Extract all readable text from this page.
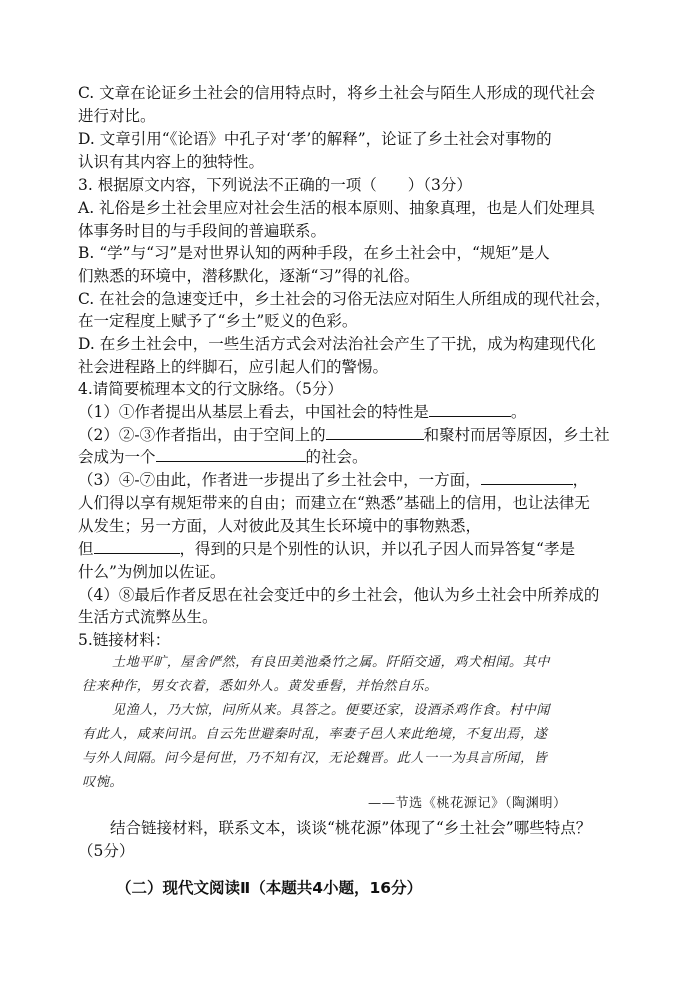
C. 文章在论证乡土社会的信用特点时，将乡土社会与陌生人形成的现代社会
进行对比。
D. 文章引用“《论语》中孔子对‘孝’的解释”，论证了乡土社会对事物的
认识有其内容上的独特性。
3. 根据原文内容，下列说法不正确的一项（　　）（3分）
A. 礼俗是乡土社会里应对社会生活的根本原则、抽象真理，也是人们处理具
体事务时目的与手段间的普遍联系。
B. “学”与“习”是对世界认知的两种手段，在乡土社会中，“规矩”是人
们熟悉的环境中，潜移默化，逐渐“习”得的礼俗。
C. 在社会的急速变迁中，乡土社会的习俗无法应对陌生人所组成的现代社会，
在一定程度上赋予了“乡土”贬义的色彩。
D. 在乡土社会中，一些生活方式会对法治社会产生了干扰，成为构建现代化
社会进程路上的绊脚石，应引起人们的警惕。
4.请简要梳理本文的行文脉络。（5分）
（1）①作者提出从基层上看去，中国社会的特性是	。
（2）②-③作者指出，由于空间上的	和聚村而居等原因，乡土社
会成为一个	的社会。
（3）④-⑦由此，作者进一步提出了乡土社会中，一方面，	，
人们得以享有规矩带来的自由；而建立在“熟悉”基础上的信用，也让法律无
从发生；另一方面，人对彼此及其生长环境中的事物熟悉，
但	，得到的只是个别性的认识，并以孔子因人而异答复“孝是
什么”为例加以佐证。
（4）⑧最后作者反思在社会变迁中的乡土社会，他认为乡土社会中所养成的
生活方式流弊丛生。
5.链接材料：
土地平旷，屋舍俨然，有良田美池桑竹之属。阡陌交通，鸡犬相闻。其中
往来种作，男女衣着，悉如外人。黄发垂髫，并怡然自乐。
见渔人，乃大惊，问所从来。具答之。便要还家，设酒杀鸡作食。村中闻
有此人，咸来问讯。自云先世避秦时乱，率妻子邑人来此绝境，不复出焉，遂
与外人间隔。问今是何世，乃不知有汉，无论魏晋。此人一一为具言所闻，皆
叹惋。
——节选《桃花源记》（陶渊明）
结合链接材料，联系文本，谈谈“桃花源”体现了“乡土社会”哪些特点？
（5分）
（二）现代文阅读Ⅱ（本题共4小题，16分）
